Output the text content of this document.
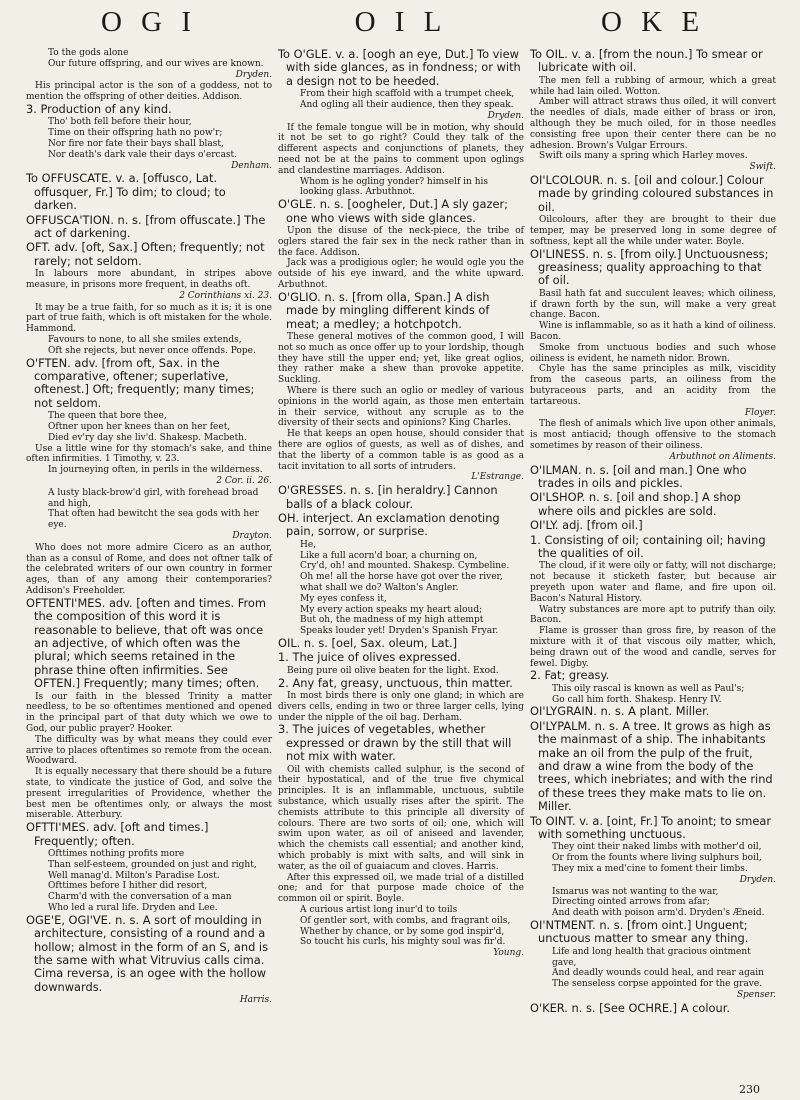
O G I	O I L	O K E

To the gods alone

Our future offspring, and our wives are known.

Dryden.

His principal actor is the son of a goddess, not to mention the offspring of other deities. Addison.

3. Production of any kind.

Tho' both fell before their hour,

Time on their offspring hath no pow'r;

Nor fire nor fate their bays shall blast,

Nor death's dark vale their days o'ercast.

Denham.

To OFFUSCATE. v. a. [offusco, Lat. offusquer, Fr.] To dim; to cloud; to darken.

OFFUSCA'TION. n. s. [from offuscate.] The act of darkening.

OFT. adv. [oft, Sax.] Often; frequently; not rarely; not seldom.

In labours more abundant, in stripes above measure, in prisons more frequent, in deaths oft.

2 Corinthians xi. 23.

It may be a true faith, for so much as it is; it is one part of true faith, which is oft mistaken for the whole. Hammond.

Favours to none, to all she smiles extends,

Oft she rejects, but never once offends. Pope.

O'FTEN. adv. [from oft, Sax. in the comparative, oftener; superlative, oftenest.] Oft; frequently; many times; not seldom.

The queen that bore thee,

Oftner upon her knees than on her feet,

Died ev'ry day she liv'd. Shakesp. Macbeth.

Use a little wine for thy stomach's sake, and thine often infirmities. 1 Timothy, v. 23.

In journeying often, in perils in the wilderness.

2 Cor. ii. 26.

A lusty black-brow'd girl, with forehead broad and high,

That often had bewitcht the sea gods with her eye.

Drayton.

Who does not more admire Cicero as an author, than as a consul of Rome, and does not oftner talk of the celebrated writers of our own country in former ages, than of any among their contemporaries? Addison's Freeholder.

OFTENTI'MES. adv. [often and times. From the composition of this word it is reasonable to believe, that oft was once an adjective, of which often was the plural; which seems retained in the phrase thine often infirmities. See OFTEN.] Frequently; many times; often.

Is our faith in the blessed Trinity a matter needless, to be so oftentimes mentioned and opened in the principal part of that duty which we owe to God, our public prayer? Hooker.

The difficulty was by what means they could ever arrive to places oftentimes so remote from the ocean. Woodward.

It is equally necessary that there should be a future state, to vindicate the justice of God, and solve the present irregularities of Providence, whether the best men be oftentimes only, or always the most miserable. Atterbury.

OFTTI'MES. adv. [oft and times.] Frequently; often.

Ofttimes nothing profits more

Than self-esteem, grounded on just and right,

Well manag'd. Milton's Paradise Lost.

Ofttimes before I hither did resort,

Charm'd with the conversation of a man

Who led a rural life. Dryden and Lee.

OGE'E, OGI'VE. n. s. A sort of moulding in architecture, consisting of a round and a hollow; almost in the form of an S, and is the same with what Vitruvius calls cima. Cima reversa, is an ogee with the hollow downwards.

Harris.

To O'GLE. v. a. [oogh an eye, Dut.] To view with side glances, as in fondness; or with a design not to be heeded.

From their high scaffold with a trumpet cheek,

And ogling all their audience, then they speak.

Dryden.

If the female tongue will be in motion, why should it not be set to go right? Could they talk of the different aspects and conjunctions of planets, they need not be at the pains to comment upon oglings and clandestine marriages. Addison.

Whom is he ogling yonder? himself in his looking glass. Arbuthnot.

O'GLE. n. s. [oogheler, Dut.] A sly gazer; one who views with side glances.

Upon the disuse of the neck-piece, the tribe of oglers stared the fair sex in the neck rather than in the face. Addison.

Jack was a prodigious ogler; he would ogle you the outside of his eye inward, and the white upward. Arbuthnot.

O'GLIO. n. s. [from olla, Span.] A dish made by mingling different kinds of meat; a medley; a hotchpotch.

These general motives of the common good, I will not so much as once offer up to your lordship, though they have still the upper end; yet, like great oglios, they rather make a shew than provoke appetite. Suckling.

Where is there such an oglio or medley of various opinions in the world again, as those men entertain in their service, without any scruple as to the diversity of their sects and opinions? King Charles.

He that keeps an open house, should consider that there are oglios of guests, as well as of dishes, and that the liberty of a common table is as good as a tacit invitation to all sorts of intruders.

L'Estrange.

O'GRESSES. n. s. [in heraldry.] Cannon balls of a black colour.

OH. interject. An exclamation denoting pain, sorrow, or surprise.

He,

Like a full acorn'd boar, a churning on,

Cry'd, oh! and mounted. Shakesp. Cymbeline.

Oh me! all the horse have got over the river, what shall we do? Walton's Angler.

My eyes confess it,

My every action speaks my heart aloud;

But oh, the madness of my high attempt

Speaks louder yet! Dryden's Spanish Fryar.

OIL. n. s. [oel, Sax. oleum, Lat.]

1. The juice of olives expressed.

Being pure oil olive beaten for the light. Exod.

2. Any fat, greasy, unctuous, thin matter.

In most birds there is only one gland; in which are divers cells, ending in two or three larger cells, lying under the nipple of the oil bag. Derham.

3. The juices of vegetables, whether expressed or drawn by the still that will not mix with water.

Oil with chemists called sulphur, is the second of their hypostatical, and of the true five chymical principles. It is an inflammable, unctuous, subtile substance, which usually rises after the spirit. The chemists attribute to this principle all diversity of colours. There are two sorts of oil; one, which will swim upon water, as oil of aniseed and lavender, which the chemists call essential; and another kind, which probably is mixt with salts, and will sink in water, as the oil of guaiacum and cloves. Harris.

After this expressed oil, we made trial of a distilled one; and for that purpose made choice of the common oil or spirit. Boyle.

A curious artist long inur'd to toils

Of gentler sort, with combs, and fragrant oils,

Whether by chance, or by some god inspir'd,

So toucht his curls, his mighty soul was fir'd.

Young.

To OIL. v. a. [from the noun.] To smear or lubricate with oil.

The men fell a rubbing of armour, which a great while had lain oiled. Wotton.

Amber will attract straws thus oiled, it will convert the needles of dials, made either of brass or iron, although they be much oiled, for in those needles consisting free upon their center there can be no adhesion. Brown's Vulgar Errours.

Swift oils many a spring which Harley moves.

Swift.

OI'LCOLOUR. n. s. [oil and colour.] Colour made by grinding coloured substances in oil.

Oilcolours, after they are brought to their due temper, may be preserved long in some degree of softness, kept all the while under water. Boyle.

OI'LINESS. n. s. [from oily.] Unctuousness; greasiness; quality approaching to that of oil.

Basil hath fat and succulent leaves; which oiliness, if drawn forth by the sun, will make a very great change. Bacon.

Wine is inflammable, so as it hath a kind of oiliness. Bacon.

Smoke from unctuous bodies and such whose oiliness is evident, he nameth nidor. Brown.

Chyle has the same principles as milk, viscidity from the caseous parts, an oiliness from the butyraceous parts, and an acidity from the tartareous.

Floyer.

The flesh of animals which live upon other animals, is most antiacid; though offensive to the stomach sometimes by reason of their oiliness.

Arbuthnot on Aliments.

O'ILMAN. n. s. [oil and man.] One who trades in oils and pickles.

OI'LSHOP. n. s. [oil and shop.] A shop where oils and pickles are sold.

OI'LY. adj. [from oil.]

1. Consisting of oil; containing oil; having the qualities of oil.

The cloud, if it were oily or fatty, will not discharge; not because it sticketh faster, but because air preyeth upon water and flame, and fire upon oil. Bacon's Natural History.

Watry substances are more apt to putrify than oily. Bacon.

Flame is grosser than gross fire, by reason of the mixture with it of that viscous oily matter, which, being drawn out of the wood and candle, serves for fewel. Digby.

2. Fat; greasy.

This oily rascal is known as well as Paul's;

Go call him forth. Shakesp. Henry IV.

OI'LYGRAIN. n. s. A plant. Miller.

OI'LYPALM. n. s. A tree. It grows as high as the mainmast of a ship. The inhabitants make an oil from the pulp of the fruit, and draw a wine from the body of the trees, which inebriates; and with the rind of these trees they make mats to lie on. Miller.

To OINT. v. a. [oint, Fr.] To anoint; to smear with something unctuous.

They oint their naked limbs with mother'd oil,

Or from the founts where living sulphurs boil,

They mix a med'cine to foment their limbs.

Dryden.

Ismarus was not wanting to the war,

Directing ointed arrows from afar;

And death with poison arm'd. Dryden's Æneid.

OI'NTMENT. n. s. [from oint.] Unguent; unctuous matter to smear any thing.

Life and long health that gracious ointment gave,

And deadly wounds could heal, and rear again

The senseless corpse appointed for the grave.

Spenser.

O'KER. n. s. [See OCHRE.] A colour.

230
